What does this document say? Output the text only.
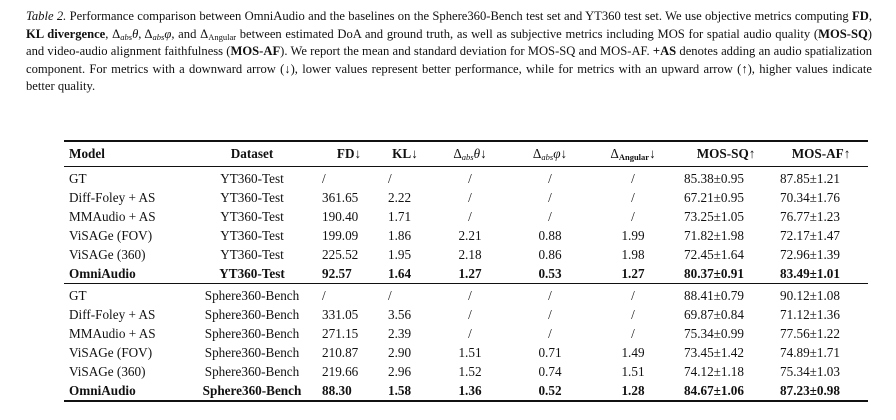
Table 2. Performance comparison between OmniAudio and the baselines on the Sphere360-Bench test set and YT360 test set. We use objective metrics computing FD, KL divergence, $\Delta_{abs}\theta$, $\Delta_{abs}\varphi$, and $\Delta_{Angular}$ between estimated DoA and ground truth, as well as subjective metrics including MOS for spatial audio quality (MOS-SQ) and video-audio alignment faithfulness (MOS-AF). We report the mean and standard deviation for MOS-SQ and MOS-AF. +AS denotes adding an audio spatialization component. For metrics with a downward arrow (↓), lower values represent better performance, while for metrics with an upward arrow (↑), higher values indicate better quality.
Model	Dataset	FD↓	KL↓	$\Delta_{abs}\theta↓$	$\Delta_{abs}\varphi↓$	$\Delta_{Angular}↓$	MOS-SQ↑	MOS-AF↑
GT	YT360-Test	/	/	/	/	/	85.38±0.95	87.85±1.21
Diff-Foley + AS	YT360-Test	361.65	2.22	/	/	/	67.21±0.95	70.34±1.76
MMAudio + AS	YT360-Test	190.40	1.71	/	/	/	73.25±1.05	76.77±1.23
ViSAGe (FOV)	YT360-Test	199.09	1.86	2.21	0.88	1.99	71.82±1.98	72.17±1.47
ViSAGe (360)	YT360-Test	225.52	1.95	2.18	0.86	1.98	72.45±1.64	72.96±1.39
OmniAudio	YT360-Test	92.57	1.64	1.27	0.53	1.27	80.37±0.91	83.49±1.01
GT	Sphere360-Bench	/	/	/	/	/	88.41±0.79	90.12±1.08
Diff-Foley + AS	Sphere360-Bench	331.05	3.56	/	/	/	69.87±0.84	71.12±1.36
MMAudio + AS	Sphere360-Bench	271.15	2.39	/	/	/	75.34±0.99	77.56±1.22
ViSAGe (FOV)	Sphere360-Bench	210.87	2.90	1.51	0.71	1.49	73.45±1.42	74.89±1.71
ViSAGe (360)	Sphere360-Bench	219.66	2.96	1.52	0.74	1.51	74.12±1.18	75.34±1.03
OmniAudio	Sphere360-Bench	88.30	1.58	1.36	0.52	1.28	84.67±1.06	87.23±0.98
